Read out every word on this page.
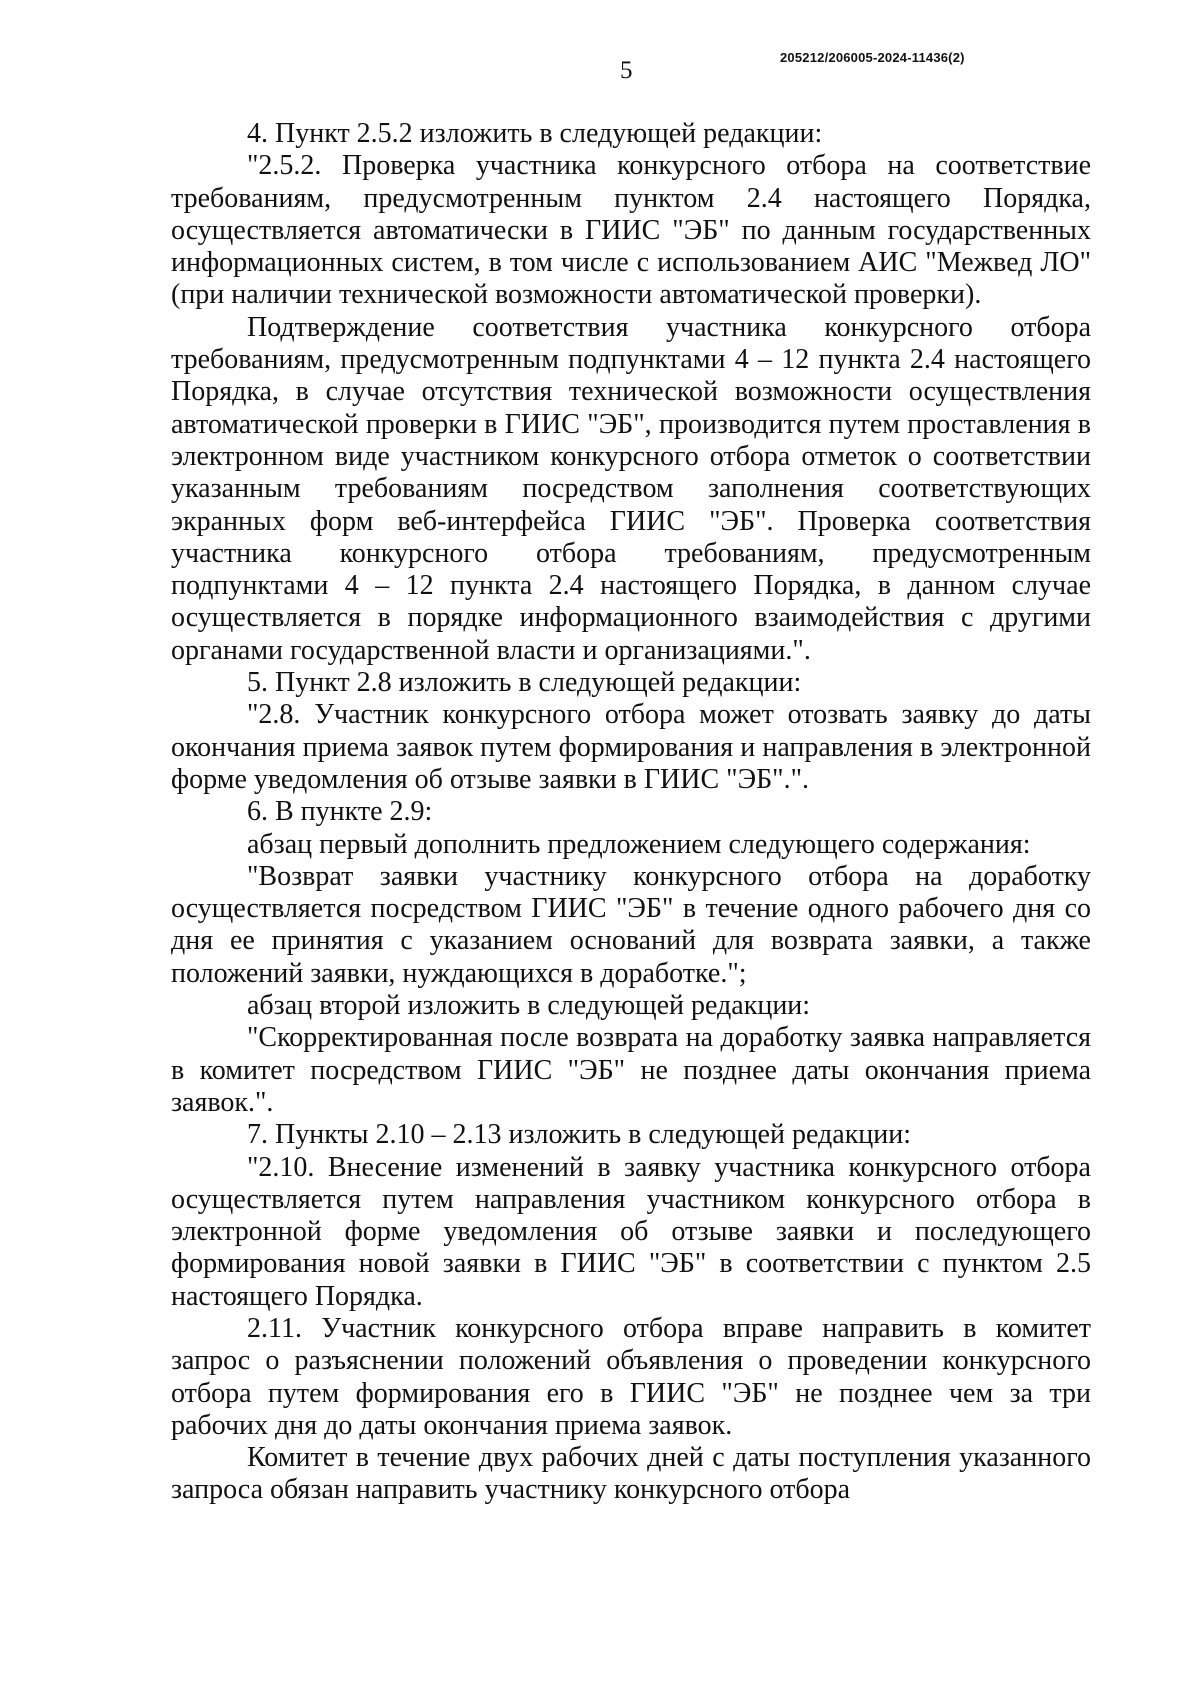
5	205212/206005-2024-11436(2)

4. Пункт 2.5.2 изложить в следующей редакции:

"2.5.2. Проверка участника конкурсного отбора на соответствие требованиям, предусмотренным пунктом 2.4 настоящего Порядка, осуществляется автоматически в ГИИС "ЭБ" по данным государственных информационных систем, в том числе с использованием АИС "Межвед ЛО" (при наличии технической возможности автоматической проверки).

Подтверждение соответствия участника конкурсного отбора требованиям, предусмотренным подпунктами 4 – 12 пункта 2.4 настоящего Порядка, в случае отсутствия технической возможности осуществления автоматической проверки в ГИИС "ЭБ", производится путем проставления в электронном виде участником конкурсного отбора отметок о соответствии указанным требованиям посредством заполнения соответствующих экранных форм веб-интерфейса ГИИС "ЭБ". Проверка соответствия участника конкурсного отбора требованиям, предусмотренным подпунктами 4 – 12 пункта 2.4 настоящего Порядка, в данном случае осуществляется в порядке информационного взаимодействия с другими органами государственной власти и организациями.".

5. Пункт 2.8 изложить в следующей редакции:

"2.8. Участник конкурсного отбора может отозвать заявку до даты окончания приема заявок путем формирования и направления в электронной форме уведомления об отзыве заявки в ГИИС "ЭБ".".

6. В пункте 2.9:

абзац первый дополнить предложением следующего содержания:

"Возврат заявки участнику конкурсного отбора на доработку осуществляется посредством ГИИС "ЭБ" в течение одного рабочего дня со дня ее принятия с указанием оснований для возврата заявки, а также положений заявки, нуждающихся в доработке.";

абзац второй изложить в следующей редакции:

"Скорректированная после возврата на доработку заявка направляется в комитет посредством ГИИС "ЭБ" не позднее даты окончания приема заявок.".

7. Пункты 2.10 – 2.13 изложить в следующей редакции:

"2.10. Внесение изменений в заявку участника конкурсного отбора осуществляется путем направления участником конкурсного отбора в электронной форме уведомления об отзыве заявки и последующего формирования новой заявки в ГИИС "ЭБ" в соответствии с пунктом 2.5 настоящего Порядка.

2.11. Участник конкурсного отбора вправе направить в комитет запрос о разъяснении положений объявления о проведении конкурсного отбора путем формирования его в ГИИС "ЭБ" не позднее чем за три рабочих дня до даты окончания приема заявок.

Комитет в течение двух рабочих дней с даты поступления указанного запроса обязан направить участнику конкурсного отбора
